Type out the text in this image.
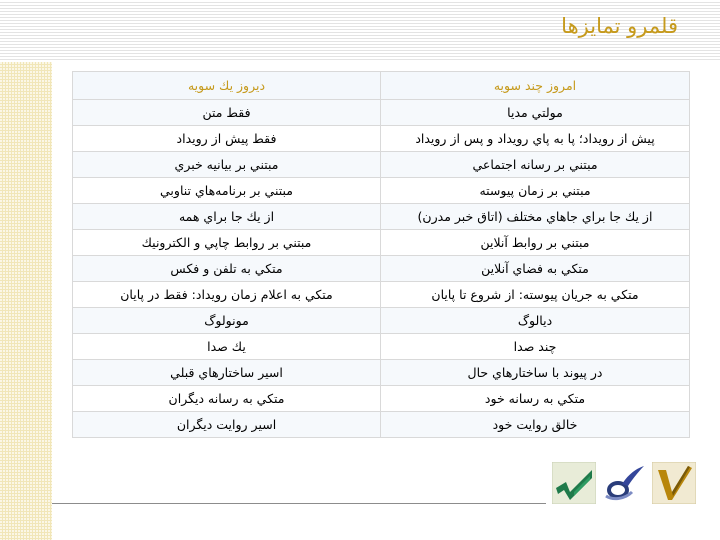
قلمرو تمايزها
امروز چند سويه	ديروز يك سويه
مولتي مديا	فقط متن
پيش از رويداد؛ پا به پاي رويداد و پس از رويداد	فقط پيش از رويداد
مبتني بر رسانه اجتماعي	مبتني بر بيانيه خبري
مبتني بر زمان پيوسته	مبتني بر برنامه‌هاي تناوبي
از يك جا براي جاهاي مختلف (اتاق خبر مدرن)	از يك جا براي همه
مبتني بر روابط آنلاين	مبتني بر روابط چاپي و الكترونيك
متكي به فضاي آنلاين	متكي به تلفن و فكس
متكي به جريان پيوسته: از شروع تا پايان	متكي به اعلام زمان رويداد: فقط در پايان
ديالوگ	مونولوگ
چند صدا	يك صدا
در پيوند با ساختارهاي حال	اسير ساختارهاي قبلي
متكي به رسانه خود	متكي به رسانه ديگران
خالق روايت خود	اسير روايت ديگران
